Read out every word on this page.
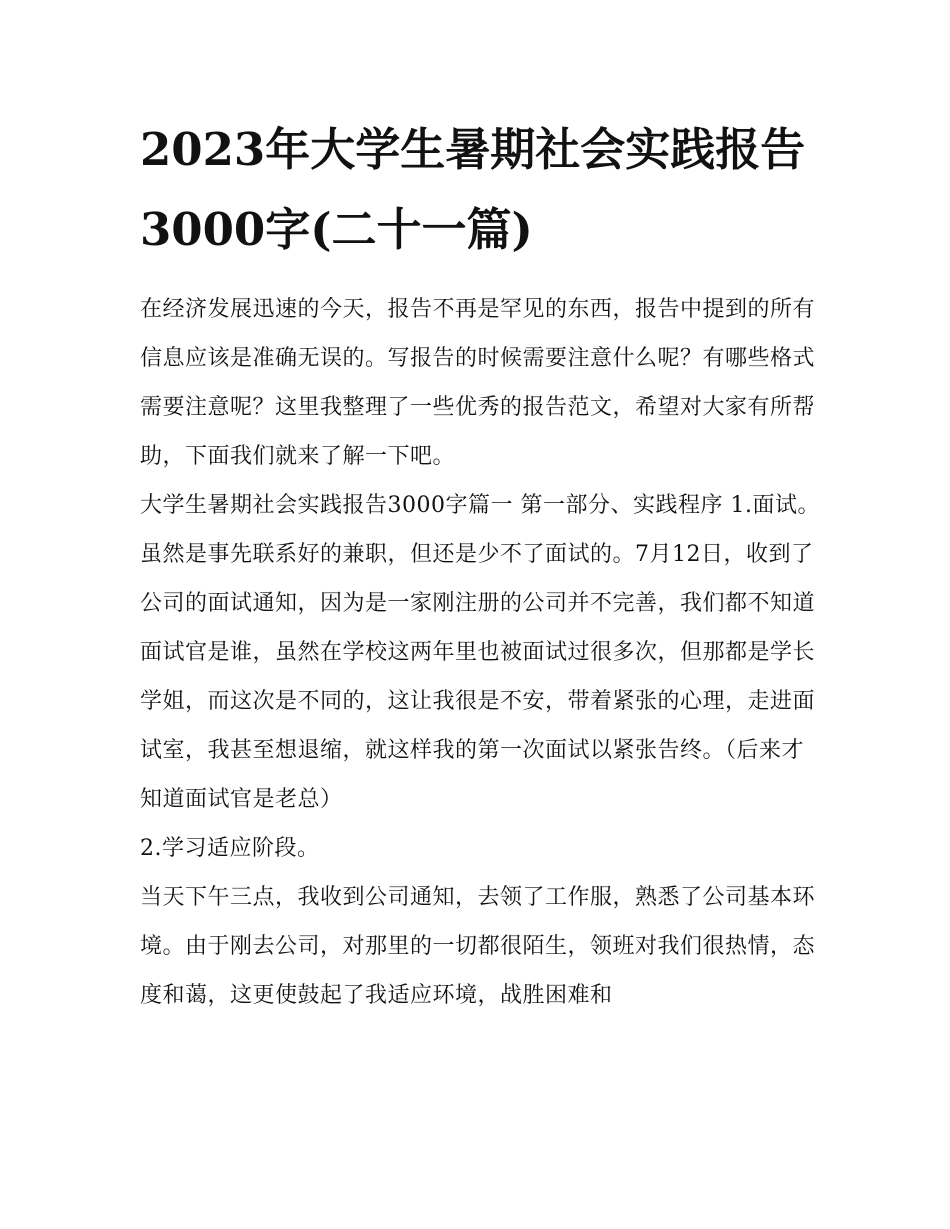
2023年大学生暑期社会实践报告3000字(二十一篇)

在经济发展迅速的今天，报告不再是罕见的东西，报告中提到的所有信息应该是准确无误的。写报告的时候需要注意什么呢？有哪些格式需要注意呢？这里我整理了一些优秀的报告范文，希望对大家有所帮助，下面我们就来了解一下吧。

大学生暑期社会实践报告3000字篇一 第一部分、实践程序 1.面试。

虽然是事先联系好的兼职，但还是少不了面试的。7月12日，收到了公司的面试通知，因为是一家刚注册的公司并不完善，我们都不知道面试官是谁，虽然在学校这两年里也被面试过很多次，但那都是学长学姐，而这次是不同的，这让我很是不安，带着紧张的心理，走进面试室，我甚至想退缩，就这样我的第一次面试以紧张告终。（后来才知道面试官是老总）

2.学习适应阶段。

当天下午三点，我收到公司通知，去领了工作服，熟悉了公司基本环境。由于刚去公司，对那里的一切都很陌生，领班对我们很热情，态度和蔼，这更使鼓起了我适应环境，战胜困难和
